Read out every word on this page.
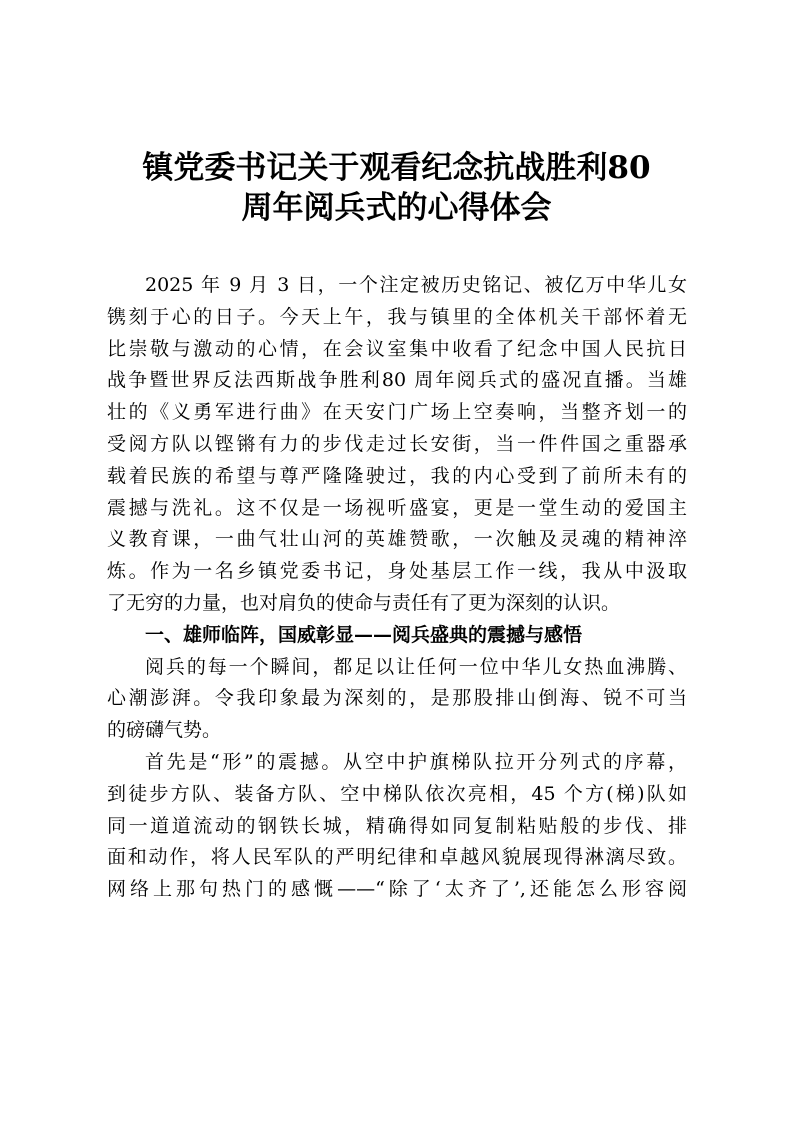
镇党委书记关于观看纪念抗战胜利80
周年阅兵式的心得体会
2025 年 9 月 3 日，一个注定被历史铭记、被亿万中华儿女
镌刻于心的日子。今天上午，我与镇里的全体机关干部怀着无
比崇敬与激动的心情，在会议室集中收看了纪念中国人民抗日
战争暨世界反法西斯战争胜利80 周年阅兵式的盛况直播。当雄
壮的《义勇军进行曲》在天安门广场上空奏响，当整齐划一的
受阅方队以铿锵有力的步伐走过长安街，当一件件国之重器承
载着民族的希望与尊严隆隆驶过，我的内心受到了前所未有的
震撼与洗礼。这不仅是一场视听盛宴，更是一堂生动的爱国主
义教育课，一曲气壮山河的英雄赞歌，一次触及灵魂的精神淬
炼。作为一名乡镇党委书记，身处基层工作一线，我从中汲取
了无穷的力量，也对肩负的使命与责任有了更为深刻的认识。
一、雄师临阵，国威彰显——阅兵盛典的震撼与感悟
阅兵的每一个瞬间，都足以让任何一位中华儿女热血沸腾、
心潮澎湃。令我印象最为深刻的，是那股排山倒海、锐不可当
的磅礴气势。
首先是“形”的震撼。从空中护旗梯队拉开分列式的序幕，
到徒步方队、装备方队、空中梯队依次亮相，45 个方(梯)队如
同一道道流动的钢铁长城，精确得如同复制粘贴般的步伐、排
面和动作，将人民军队的严明纪律和卓越风貌展现得淋漓尽致。
网络上那句热门的感慨——“除了‘太齐了’,还能怎么形容阅
